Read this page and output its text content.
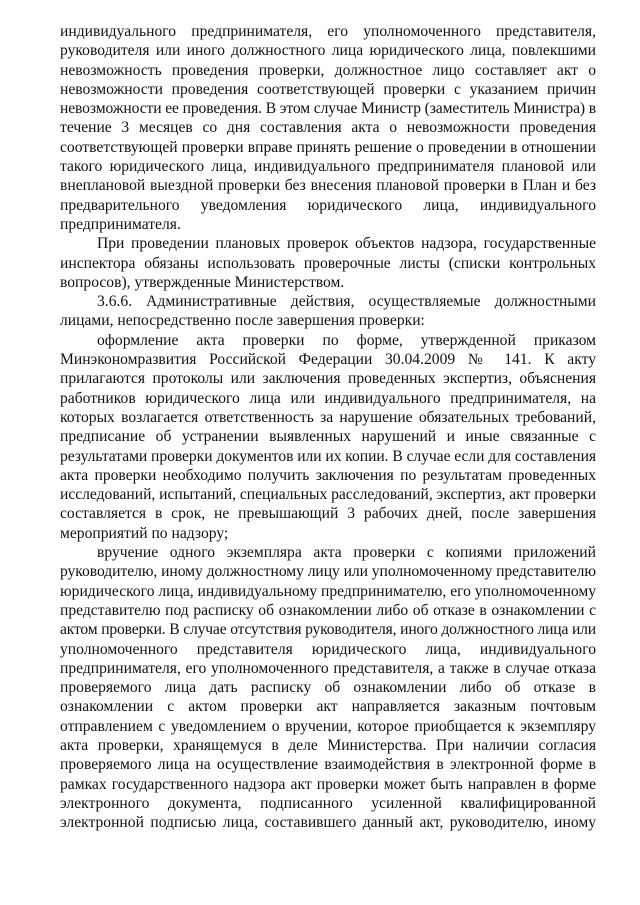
индивидуального предпринимателя, его уполномоченного представителя,
руководителя или иного должностного лица юридического лица, повлекшими
невозможность проведения проверки, должностное лицо составляет акт о
невозможности проведения соответствующей проверки с указанием причин
невозможности ее проведения. В этом случае Министр (заместитель Министра) в
течение 3 месяцев со дня составления акта о невозможности проведения
соответствующей проверки вправе принять решение о проведении в отношении
такого юридического лица, индивидуального предпринимателя плановой или
внеплановой выездной проверки без внесения плановой проверки в План и без
предварительного уведомления юридического лица, индивидуального
предпринимателя.
При проведении плановых проверок объектов надзора, государственные
инспектора обязаны использовать проверочные листы (списки контрольных
вопросов), утвержденные Министерством.
3.6.6. Административные действия, осуществляемые должностными
лицами, непосредственно после завершения проверки:
оформление акта проверки по форме, утвержденной приказом
Минэкономразвития Российской Федерации 30.04.2009 № 141. К акту
прилагаются протоколы или заключения проведенных экспертиз, объяснения
работников юридического лица или индивидуального предпринимателя, на
которых возлагается ответственность за нарушение обязательных требований,
предписание об устранении выявленных нарушений и иные связанные с
результатами проверки документов или их копии. В случае если для составления
акта проверки необходимо получить заключения по результатам проведенных
исследований, испытаний, специальных расследований, экспертиз, акт проверки
составляется в срок, не превышающий 3 рабочих дней, после завершения
мероприятий по надзору;
вручение одного экземпляра акта проверки с копиями приложений
руководителю, иному должностному лицу или уполномоченному представителю
юридического лица, индивидуальному предпринимателю, его уполномоченному
представителю под расписку об ознакомлении либо об отказе в ознакомлении с
актом проверки. В случае отсутствия руководителя, иного должностного лица или
уполномоченного представителя юридического лица, индивидуального
предпринимателя, его уполномоченного представителя, а также в случае отказа
проверяемого лица дать расписку об ознакомлении либо об отказе в
ознакомлении с актом проверки акт направляется заказным почтовым
отправлением с уведомлением о вручении, которое приобщается к экземпляру
акта проверки, хранящемуся в деле Министерства. При наличии согласия
проверяемого лица на осуществление взаимодействия в электронной форме в
рамках государственного надзора акт проверки может быть направлен в форме
электронного документа, подписанного усиленной квалифицированной
электронной подписью лица, составившего данный акт, руководителю, иному
